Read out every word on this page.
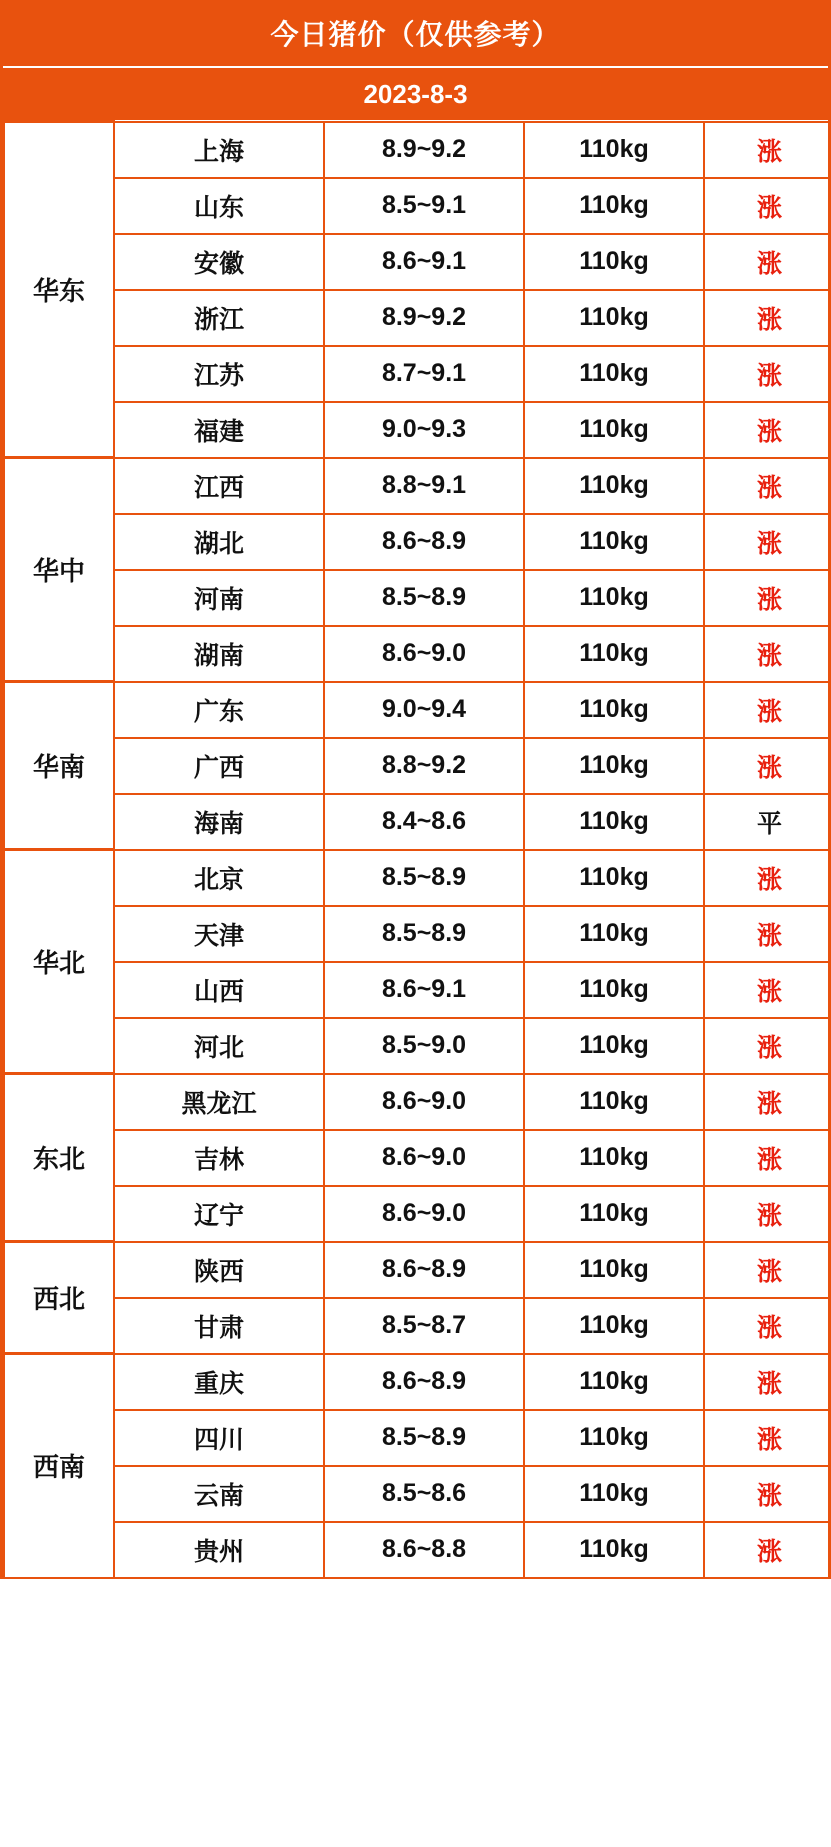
今日猪价（仅供参考）
2023-8-3
华东	上海	8.9~9.2	110kg	涨
	山东	8.5~9.1	110kg	涨
	安徽	8.6~9.1	110kg	涨
	浙江	8.9~9.2	110kg	涨
	江苏	8.7~9.1	110kg	涨
	福建	9.0~9.3	110kg	涨
华中	江西	8.8~9.1	110kg	涨
	湖北	8.6~8.9	110kg	涨
	河南	8.5~8.9	110kg	涨
	湖南	8.6~9.0	110kg	涨
华南	广东	9.0~9.4	110kg	涨
	广西	8.8~9.2	110kg	涨
	海南	8.4~8.6	110kg	平
华北	北京	8.5~8.9	110kg	涨
	天津	8.5~8.9	110kg	涨
	山西	8.6~9.1	110kg	涨
	河北	8.5~9.0	110kg	涨
东北	黑龙江	8.6~9.0	110kg	涨
	吉林	8.6~9.0	110kg	涨
	辽宁	8.6~9.0	110kg	涨
西北	陕西	8.6~8.9	110kg	涨
	甘肃	8.5~8.7	110kg	涨
西南	重庆	8.6~8.9	110kg	涨
	四川	8.5~8.9	110kg	涨
	云南	8.5~8.6	110kg	涨
	贵州	8.6~8.8	110kg	涨
